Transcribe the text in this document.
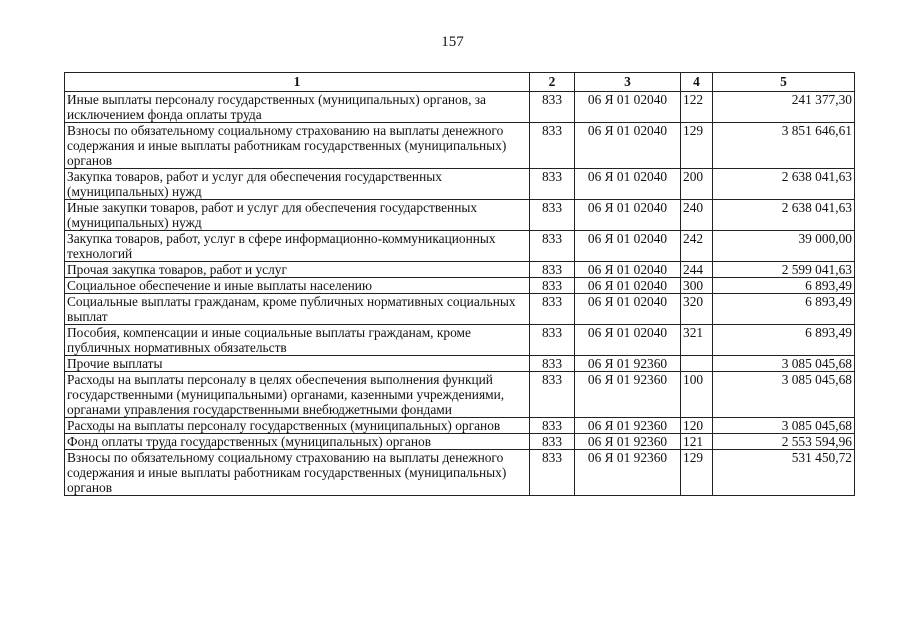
157
1	2	3	4	5
Иные выплаты персоналу государственных (муниципальных) органов, за исключением фонда оплаты труда	833	06 Я 01 02040	122	241 377,30
Взносы по обязательному социальному страхованию на выплаты денежного содержания и иные выплаты работникам государственных (муниципальных) органов	833	06 Я 01 02040	129	3 851 646,61
Закупка товаров, работ и услуг для обеспечения государственных (муниципальных) нужд	833	06 Я 01 02040	200	2 638 041,63
Иные закупки товаров, работ и услуг для обеспечения государственных (муниципальных) нужд	833	06 Я 01 02040	240	2 638 041,63
Закупка товаров, работ, услуг в сфере информационно-коммуникационных технологий	833	06 Я 01 02040	242	39 000,00
Прочая закупка товаров, работ и услуг	833	06 Я 01 02040	244	2 599 041,63
Социальное обеспечение и иные выплаты населению	833	06 Я 01 02040	300	6 893,49
Социальные выплаты гражданам, кроме публичных нормативных социальных выплат	833	06 Я 01 02040	320	6 893,49
Пособия, компенсации и иные социальные выплаты гражданам, кроме публичных нормативных обязательств	833	06 Я 01 02040	321	6 893,49
Прочие выплаты	833	06 Я 01 92360		3 085 045,68
Расходы на выплаты персоналу в целях обеспечения выполнения функций государственными (муниципальными) органами, казенными учреждениями, органами управления государственными внебюджетными фондами	833	06 Я 01 92360	100	3 085 045,68
Расходы на выплаты персоналу государственных (муниципальных) органов	833	06 Я 01 92360	120	3 085 045,68
Фонд оплаты труда государственных (муниципальных) органов	833	06 Я 01 92360	121	2 553 594,96
Взносы по обязательному социальному страхованию на выплаты денежного содержания и иные выплаты работникам государственных (муниципальных) органов	833	06 Я 01 92360	129	531 450,72
